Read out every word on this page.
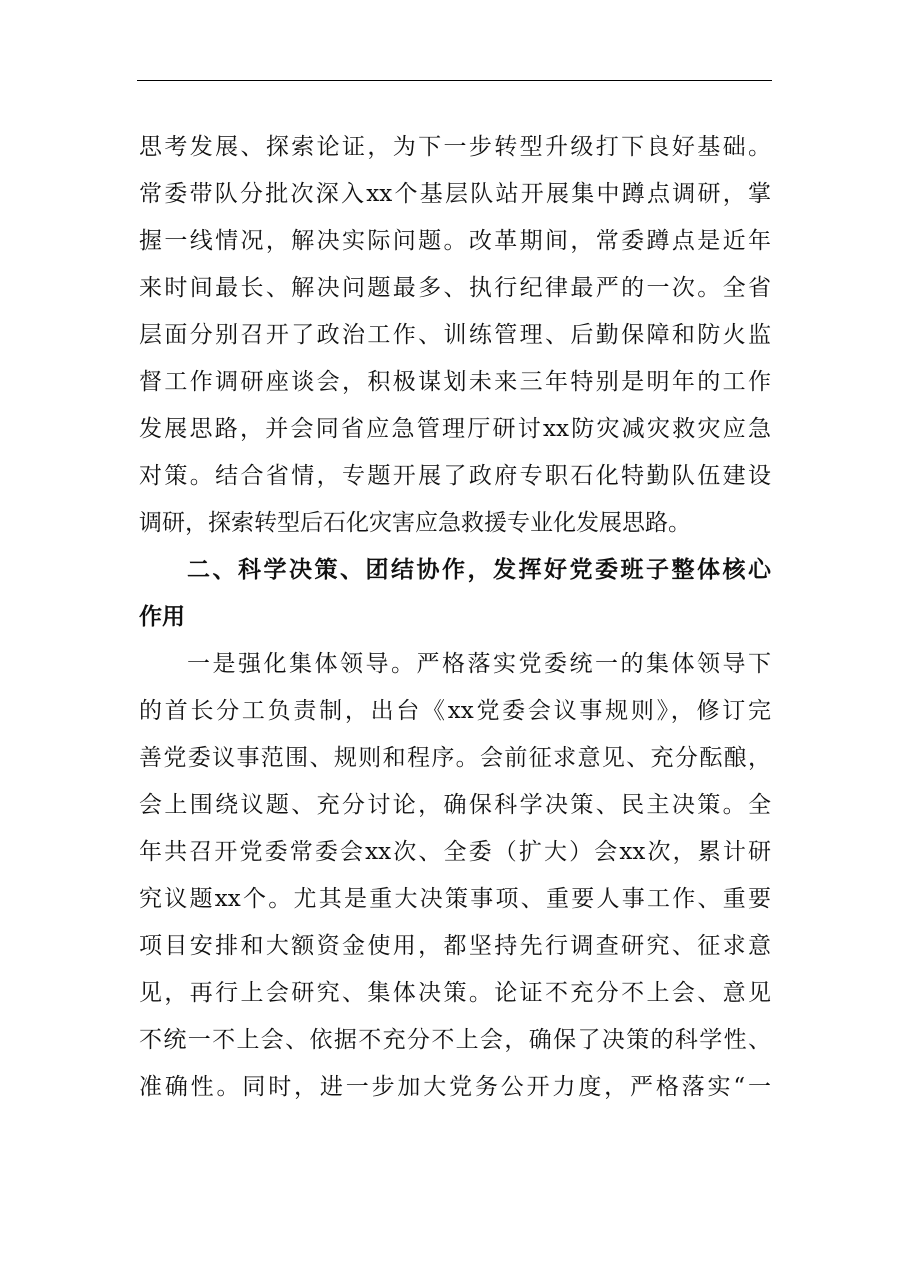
思考发展、探索论证，为下一步转型升级打下良好基础。
常委带队分批次深入xx个基层队站开展集中蹲点调研，掌
握一线情况，解决实际问题。改革期间，常委蹲点是近年
来时间最长、解决问题最多、执行纪律最严的一次。全省
层面分别召开了政治工作、训练管理、后勤保障和防火监
督工作调研座谈会，积极谋划未来三年特别是明年的工作
发展思路，并会同省应急管理厅研讨xx防灾减灾救灾应急
对策。结合省情，专题开展了政府专职石化特勤队伍建设
调研，探索转型后石化灾害应急救援专业化发展思路。
二、科学决策、团结协作，发挥好党委班子整体核心
作用
一是强化集体领导。严格落实党委统一的集体领导下
的首长分工负责制，出台《xx党委会议事规则》，修订完
善党委议事范围、规则和程序。会前征求意见、充分酝酿，
会上围绕议题、充分讨论，确保科学决策、民主决策。全
年共召开党委常委会xx次、全委（扩大）会xx次，累计研
究议题xx个。尤其是重大决策事项、重要人事工作、重要
项目安排和大额资金使用，都坚持先行调查研究、征求意
见，再行上会研究、集体决策。论证不充分不上会、意见
不统一不上会、依据不充分不上会，确保了决策的科学性、
准确性。同时，进一步加大党务公开力度，严格落实“一
